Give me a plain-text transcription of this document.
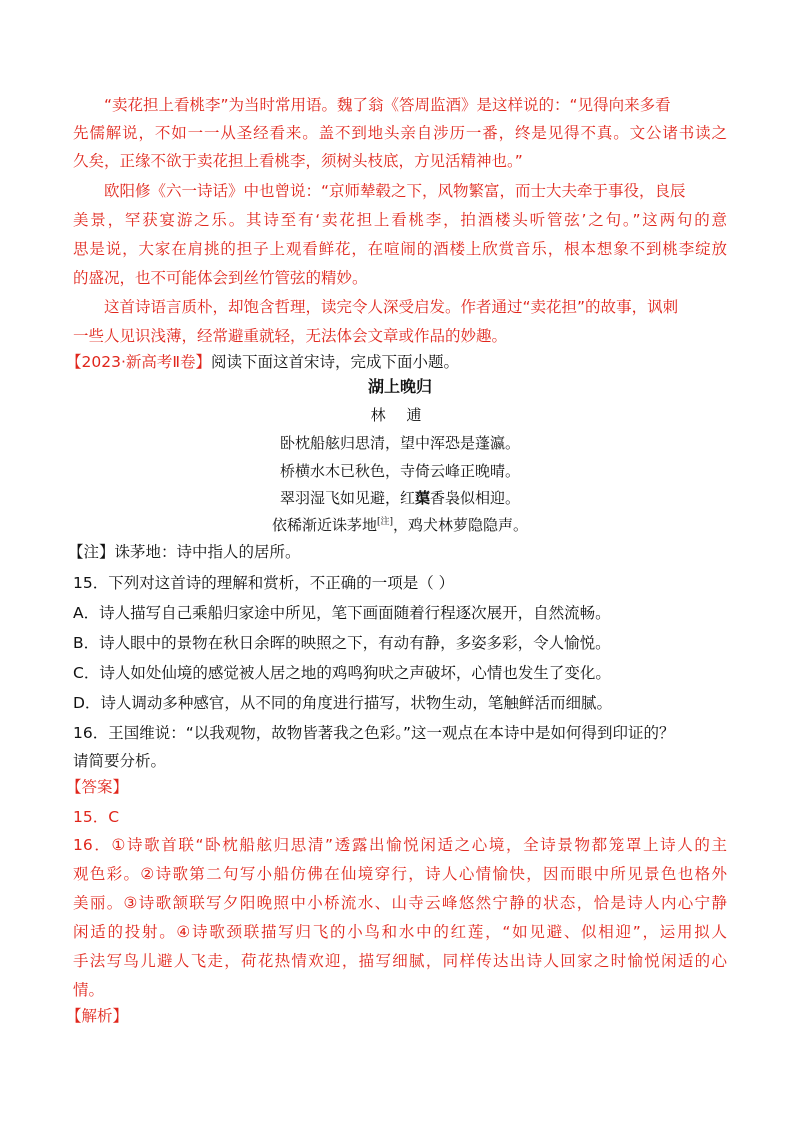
“卖花担上看桃李”为当时常用语。魏了翁《答周监酒》是这样说的：“见得向来多看
先儒解说，不如一一从圣经看来。盖不到地头亲自涉历一番，终是见得不真。文公诸书读之
久矣，正缘不欲于卖花担上看桃李，须树头枝底，方见活精神也。”
欧阳修《六一诗话》中也曾说：“京师辇毂之下，风物繁富，而士大夫牵于事役，良辰
美景，罕获宴游之乐。其诗至有‘卖花担上看桃李，拍酒楼头听管弦’之句。”这两句的意
思是说，大家在肩挑的担子上观看鲜花，在喧闹的酒楼上欣赏音乐，根本想象不到桃李绽放
的盛况，也不可能体会到丝竹管弦的精妙。
这首诗语言质朴，却饱含哲理，读完令人深受启发。作者通过“卖花担”的故事，讽刺
一些人见识浅薄，经常避重就轻，无法体会文章或作品的妙趣。
【2023·新高考Ⅱ卷】阅读下面这首宋诗，完成下面小题。
湖上晚归
林 逋
卧枕船舷归思清，望中浑恐是蓬瀛。
桥横水木已秋色，寺倚云峰正晚晴。
翠羽湿飞如见避，红蕖香袅似相迎。
依稀渐近诛茅地[注]，鸡犬林萝隐隐声。
【注】诛茅地：诗中指人的居所。
15．下列对这首诗的理解和赏析，不正确的一项是（ ）
A．诗人描写自己乘船归家途中所见，笔下画面随着行程逐次展开，自然流畅。
B．诗人眼中的景物在秋日余晖的映照之下，有动有静，多姿多彩，令人愉悦。
C．诗人如处仙境的感觉被人居之地的鸡鸣狗吠之声破坏，心情也发生了变化。
D．诗人调动多种感官，从不同的角度进行描写，状物生动，笔触鲜活而细腻。
16．王国维说：“以我观物，故物皆著我之色彩。”这一观点在本诗中是如何得到印证的？
请简要分析。
【答案】
15．C
16．①诗歌首联“卧枕船舷归思清”透露出愉悦闲适之心境，全诗景物都笼罩上诗人的主
观色彩。②诗歌第二句写小船仿佛在仙境穿行，诗人心情愉快，因而眼中所见景色也格外
美丽。③诗歌颔联写夕阳晚照中小桥流水、山寺云峰悠然宁静的状态，恰是诗人内心宁静
闲适的投射。④诗歌颈联描写归飞的小鸟和水中的红莲，“如见避、似相迎”，运用拟人
手法写鸟儿避人飞走，荷花热情欢迎，描写细腻，同样传达出诗人回家之时愉悦闲适的心
情。
【解析】
